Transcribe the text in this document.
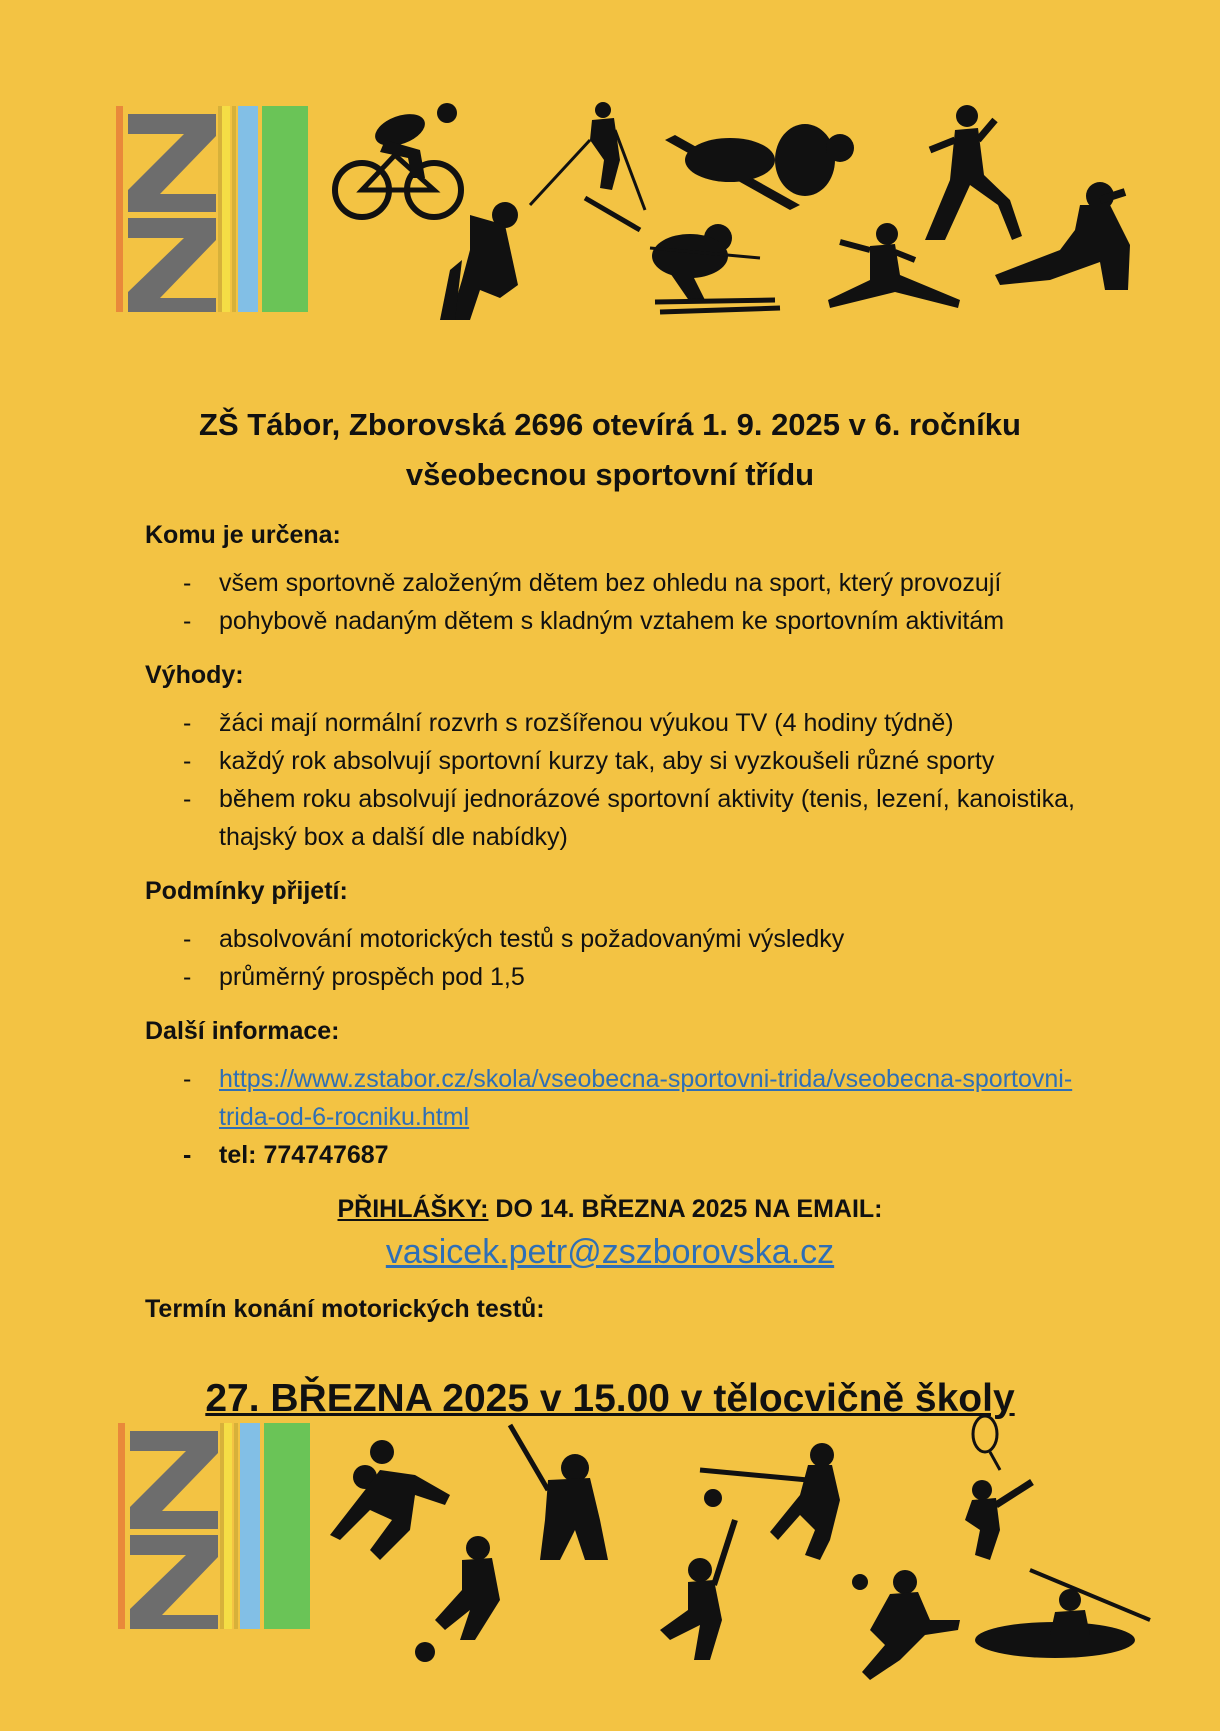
ZŠ Tábor, Zborovská 2696 otevírá 1. 9. 2025 v 6. ročníku
všeobecnou sportovní třídu
Komu je určena:
- všem sportovně založeným dětem bez ohledu na sport, který provozují
- pohybově nadaným dětem s kladným vztahem ke sportovním aktivitám
Výhody:
- žáci mají normální rozvrh s rozšířenou výukou TV (4 hodiny týdně)
- každý rok absolvují sportovní kurzy tak, aby si vyzkoušeli různé sporty
- během roku absolvují jednorázové sportovní aktivity (tenis, lezení, kanoistika, thajský box a další dle nabídky)
Podmínky přijetí:
- absolvování motorických testů s požadovanými výsledky
- průměrný prospěch pod 1,5
Další informace:
- https://www.zstabor.cz/skola/vseobecna-sportovni-trida/vseobecna-sportovni-trida-od-6-rocniku.html
- tel: 774747687
PŘIHLÁŠKY: DO 14. BŘEZNA 2025 NA EMAIL:
vasicek.petr@zszborovska.cz
Termín konání motorických testů:
27. BŘEZNA 2025 v 15.00 v tělocvičně školy
